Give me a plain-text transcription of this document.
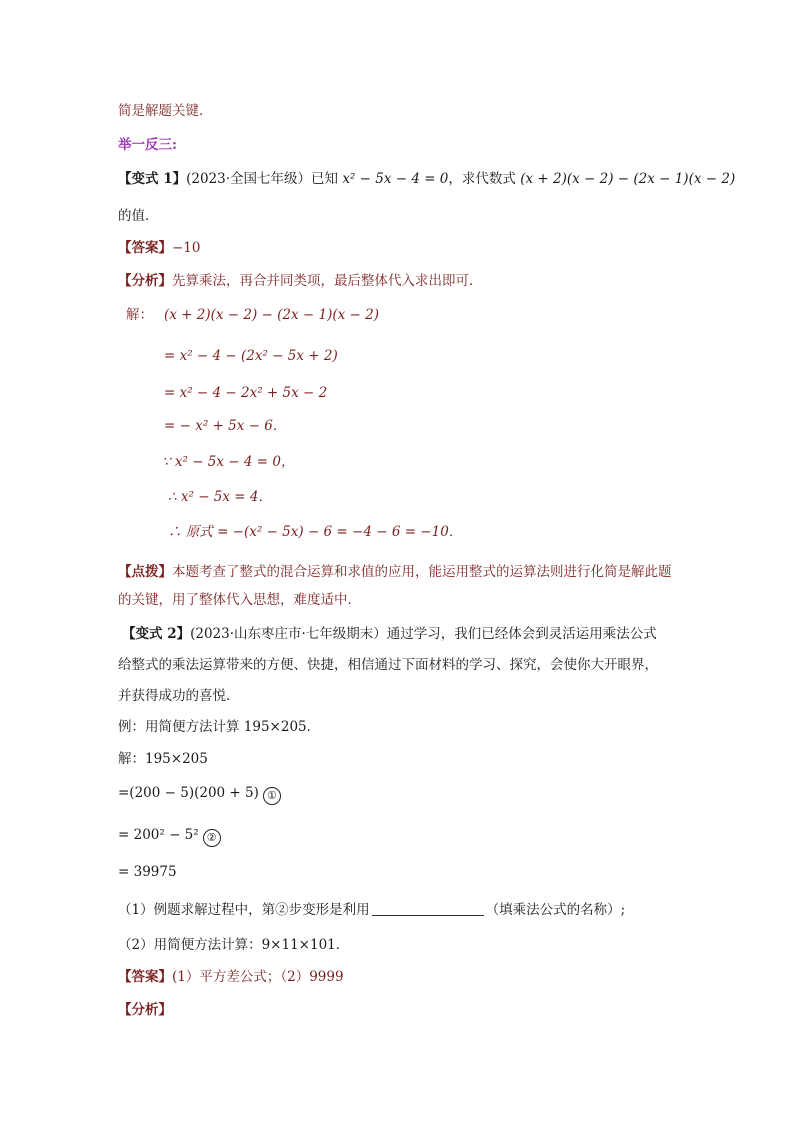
简是解题关键．
举一反三:
【变式 1】(2023·全国七年级）已知 x² − 5x − 4 = 0，求代数式 (x + 2)(x − 2) − (2x − 1)(x − 2)
的值．
【答案】−10
【分析】先算乘法，再合并同类项，最后整体代入求出即可．
解： (x + 2)(x − 2) − (2x − 1)(x − 2)
= x² − 4 − (2x² − 5x + 2)
= x² − 4 − 2x² + 5x − 2
= − x² + 5x − 6．
∵ x² − 5x − 4 = 0，
∴ x² − 5x = 4．
∴ 原式 = −(x² − 5x) − 6 = −4 − 6 = −10．
【点拨】本题考查了整式的混合运算和求值的应用，能运用整式的运算法则进行化简是解此题的关键，用了整体代入思想，难度适中．
【变式 2】(2023·山东枣庄市·七年级期末）通过学习，我们已经体会到灵活运用乘法公式
给整式的乘法运算带来的方便、快捷，相信通过下面材料的学习、探究，会使你大开眼界，
并获得成功的喜悦．
例：用简便方法计算 195×205．
解：195×205
=(200 − 5)(200 + 5) ①
= 200² − 5² ②
= 39975
（1）例题求解过程中，第②步变形是利用	（填乘法公式的名称）;
（2）用简便方法计算：9×11×101．
【答案】(1）平方差公式；（2）9999
【分析】
